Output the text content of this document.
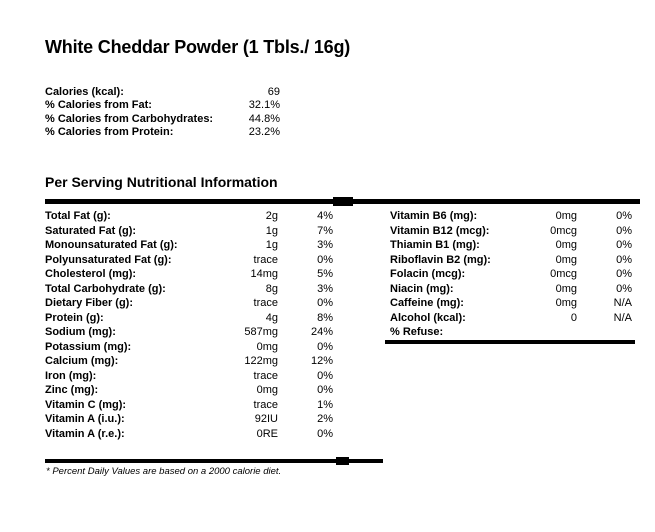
White Cheddar Powder (1 Tbls./ 16g)
Calories (kcal):	69
% Calories from Fat:	32.1%
% Calories from Carbohydrates:	44.8%
% Calories from Protein:	23.2%
Per Serving Nutritional Information
Total Fat (g):	2g	4%
Saturated Fat (g):	1g	7%
Monounsaturated Fat (g):	1g	3%
Polyunsaturated Fat (g):	trace	0%
Cholesterol (mg):	14mg	5%
Total Carbohydrate (g):	8g	3%
Dietary Fiber (g):	trace	0%
Protein (g):	4g	8%
Sodium (mg):	587mg	24%
Potassium (mg):	0mg	0%
Calcium (mg):	122mg	12%
Iron (mg):	trace	0%
Zinc (mg):	0mg	0%
Vitamin C (mg):	trace	1%
Vitamin A (i.u.):	92IU	2%
Vitamin A (r.e.):	0RE	0%
Vitamin B6 (mg):	0mg	0%
Vitamin B12 (mcg):	0mcg	0%
Thiamin B1 (mg):	0mg	0%
Riboflavin B2 (mg):	0mg	0%
Folacin (mcg):	0mcg	0%
Niacin (mg):	0mg	0%
Caffeine (mg):	0mg	N/A
Alcohol (kcal):	0	N/A
% Refuse:
* Percent Daily Values are based on a 2000 calorie diet.
